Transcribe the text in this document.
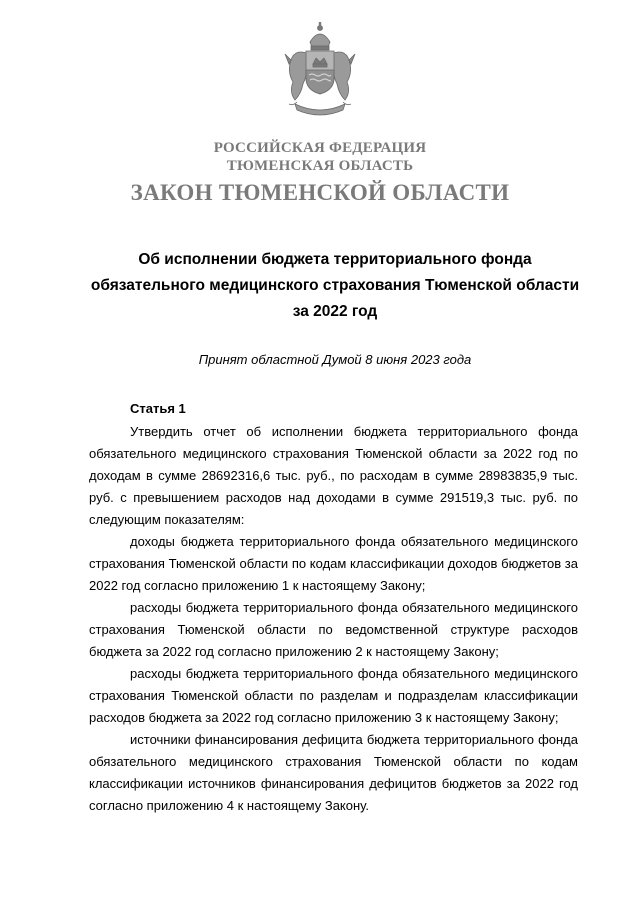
РОССИЙСКАЯ ФЕДЕРАЦИЯ
ТЮМЕНСКАЯ ОБЛАСТЬ
ЗАКОН ТЮМЕНСКОЙ ОБЛАСТИ
Об исполнении бюджета территориального фонда
обязательного медицинского страхования Тюменской области
за 2022 год
Принят областной Думой 8 июня 2023 года
Статья 1

Утвердить отчет об исполнении бюджета территориального фонда обязательного медицинского страхования Тюменской области за 2022 год по доходам в сумме 28692316,6 тыс. руб., по расходам в сумме 28983835,9 тыс. руб. с превышением расходов над доходами в сумме 291519,3 тыс. руб. по следующим показателям:

доходы бюджета территориального фонда обязательного медицинского страхования Тюменской области по кодам классификации доходов бюджетов за 2022 год согласно приложению 1 к настоящему Закону;

расходы бюджета территориального фонда обязательного медицинского страхования Тюменской области по ведомственной структуре расходов бюджета за 2022 год согласно приложению 2 к настоящему Закону;

расходы бюджета территориального фонда обязательного медицинского страхования Тюменской области по разделам и подразделам классификации расходов бюджета за 2022 год согласно приложению 3 к настоящему Закону;

источники финансирования дефицита бюджета территориального фонда обязательного медицинского страхования Тюменской области по кодам классификации источников финансирования дефицитов бюджетов за 2022 год согласно приложению 4 к настоящему Закону.
